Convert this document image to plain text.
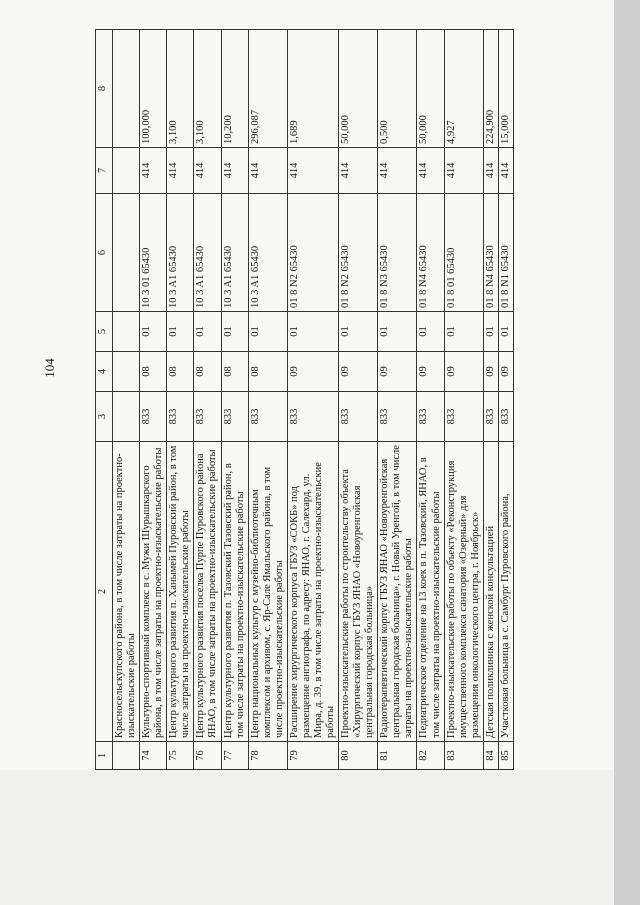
104
1	2	3	4	5	6	7	8
	Красносельскупского района, в том числе затраты на проектно-изыскательские работы						
74	Культурно-спортивный комплекс в с. Мужи Шурышкарского района, в том числе затраты на проектно-изыскательские работы	833	08	01	10 3 01 65430	414	100,000
75	Центр культурного развития п. Ханымей Пуровский район, в том числе затраты на проектно-изыскательские работы	833	08	01	10 3 A1 65430	414	3,100
76	Центр культурного развития поселка Пурпе Пуровского района ЯНАО, в том числе затраты на проектно-изыскательские работы	833	08	01	10 3 A1 65430	414	3,100
77	Центр культурного развития п. Тазовский Тазовский район, в том числе затраты на проектно-изыскательские работы	833	08	01	10 3 A1 65430	414	10,200
78	Центр национальных культур с музейно-библиотечным комплексом и архивом, с. Яр-Сале Ямальского района, в том числе проектно-изыскательские работы	833	08	01	10 3 A1 65430	414	296,087
79	Расширение хирургического корпуса ГБУЗ «СОКБ» под размещение ангиографа, по адресу: ЯНАО, г. Салехард, ул. Мира, д. 39, в том числе затраты на проектно-изыскательские работы	833	09	01	01 8 N2 65430	414	1,689
80	Проектно-изыскательские работы по строительству объекта «Хирургический корпус ГБУЗ ЯНАО «Новоуренгойская центральная городская больница»	833	09	01	01 8 N2 65430	414	50,000
81	Радиотерапевтический корпус ГБУЗ ЯНАО «Новоуренгойская центральная городская больница», г. Новый Уренгой, в том числе затраты на проектно-изыскательские работы	833	09	01	01 8 N3 65430	414	0,500
82	Педиатрическое отделение на 13 коек в п. Тазовский, ЯНАО, в том числе затраты на проектно-изыскательские работы	833	09	01	01 8 N4 65430	414	50,000
83	Проектно-изыскательские работы по объекту «Реконструкция имущественного комплекса санатория «Озерный» для размещения онкологического центра, г. Ноябрьск»	833	09	01	01 8 01 65430	414	4,927
84	Детская поликлиника с женской консультацией	833	09	01	01 8 N4 65430	414	224,900
85	Участковая больница в с. Самбург Пуровского района,	833	09	01	01 8 N1 65430	414	15,000
